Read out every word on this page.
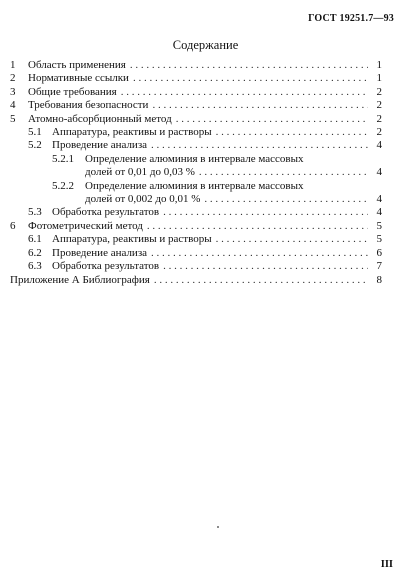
ГОСТ 19251.7—93
Содержание
1	Область применения . . .	1
2	Нормативные ссылки . . .	1
3	Общие требования . . .	2
4	Требования безопасности . . .	2
5	Атомно-абсорбционный метод . . .	2
5.1 Аппаратура, реактивы и растворы . . .	2
5.2 Проведение анализа . . .	4
5.2.1	Определение алюминия в интервале массовых
долей от 0,01 до 0,03 % . . .	4
5.2.2	Определение алюминия в интервале массовых
долей от 0,002 до 0,01 % . . .	4
5.3 Обработка результатов . . .	4
6	Фотометрический метод . . .	5
6.1 Аппаратура, реактивы и растворы . . .	5
6.2 Проведение анализа . . .	6
6.3 Обработка результатов . . .	7
Приложение А Библиография . . .	8
III
